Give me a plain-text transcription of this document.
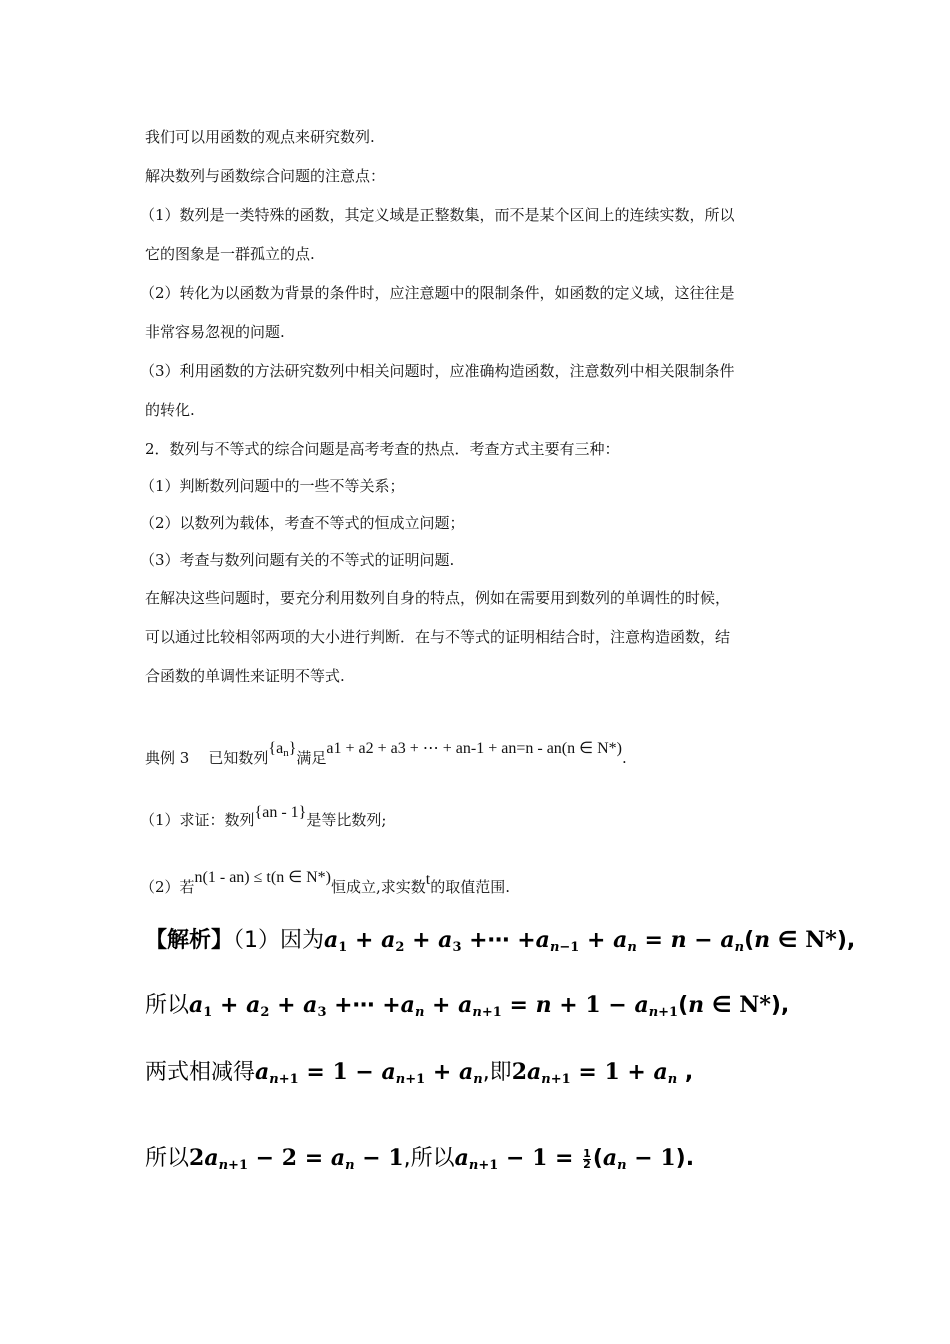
我们可以用函数的观点来研究数列.
解决数列与函数综合问题的注意点：
（1）数列是一类特殊的函数，其定义域是正整数集，而不是某个区间上的连续实数，所以
它的图象是一群孤立的点.
（2）转化为以函数为背景的条件时，应注意题中的限制条件，如函数的定义域，这往往是
非常容易忽视的问题.
（3）利用函数的方法研究数列中相关问题时，应准确构造函数，注意数列中相关限制条件
的转化.
2．数列与不等式的综合问题是高考考查的热点．考查方式主要有三种：
（1）判断数列问题中的一些不等关系；
（2）以数列为载体，考查不等式的恒成立问题；
（3）考查与数列问题有关的不等式的证明问题.
在解决这些问题时，要充分利用数列自身的特点，例如在需要用到数列的单调性的时候，
可以通过比较相邻两项的大小进行判断．在与不等式的证明相结合时，注意构造函数，结
合函数的单调性来证明不等式.
典例 3 已知数列$\{a_n\}$满足a1 + a2 + a3 + ⋯ + an-1 + an=n - an(n ∈ N*).
（1）求证：数列{an - 1}是等比数列;
（2）若n(1 - an) ≤ t(n ∈ N*)恒成立,求实数t的取值范围.
【解析】（1）因为$a_1 + a_2 + a_3$ +⋯ $+a_{n-1} + a_n = n - a_n(n$ ∈ N*),
所以$a_1 + a_2 + a_3$ +⋯ $+a_n + a_{n+1} = n + 1 - a_{n+1}(n$ ∈ N*),
两式相减得$a_{n+1} = 1 - a_{n+1} + a_n$,即$2a_{n+1} = 1 + a_n$ ,
所以$2a_{n+1} - 2 = a_n - 1$,所以$a_{n+1} - 1 = \frac{1}{2} (a_n - 1)$.
